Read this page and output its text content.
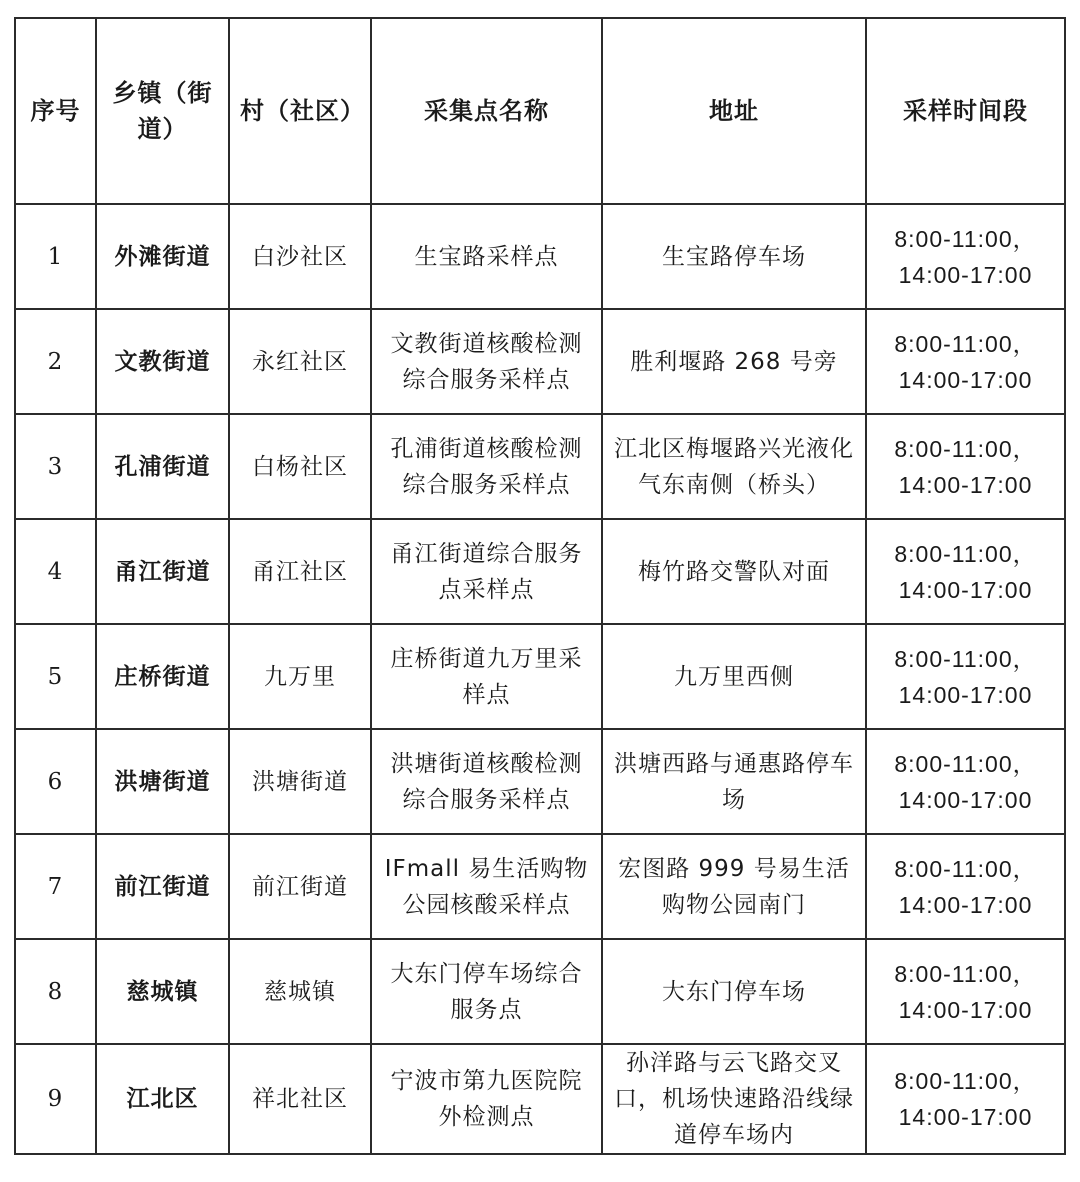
序号	乡镇（街道）	村（社区）	采集点名称	地址	采样时间段
1	外滩街道	白沙社区	生宝路采样点	生宝路停车场	8:00-11:00，
14:00-17:00

2	文教街道	永红社区	文教街道核酸检测综合服务采样点	胜利堰路 268 号旁	8:00-11:00，
14:00-17:00

3	孔浦街道	白杨社区	孔浦街道核酸检测综合服务采样点	江北区梅堰路兴光液化气东南侧（桥头）	8:00-11:00，
14:00-17:00

4	甬江街道	甬江社区	甬江街道综合服务点采样点	梅竹路交警队对面	8:00-11:00，
14:00-17:00

5	庄桥街道	九万里	庄桥街道九万里采样点	九万里西侧	8:00-11:00，
14:00-17:00

6	洪塘街道	洪塘街道	洪塘街道核酸检测综合服务采样点	洪塘西路与通惠路停车场	8:00-11:00，
14:00-17:00

7	前江街道	前江街道	IFmall 易生活购物公园核酸采样点	宏图路 999 号易生活购物公园南门	8:00-11:00，
14:00-17:00

8	慈城镇	慈城镇	大东门停车场综合服务点	大东门停车场	8:00-11:00，
14:00-17:00

9	江北区	祥北社区	宁波市第九医院院外检测点	孙洋路与云飞路交叉口，机场快速路沿线绿道停车场内	8:00-11:00，
14:00-17:00
